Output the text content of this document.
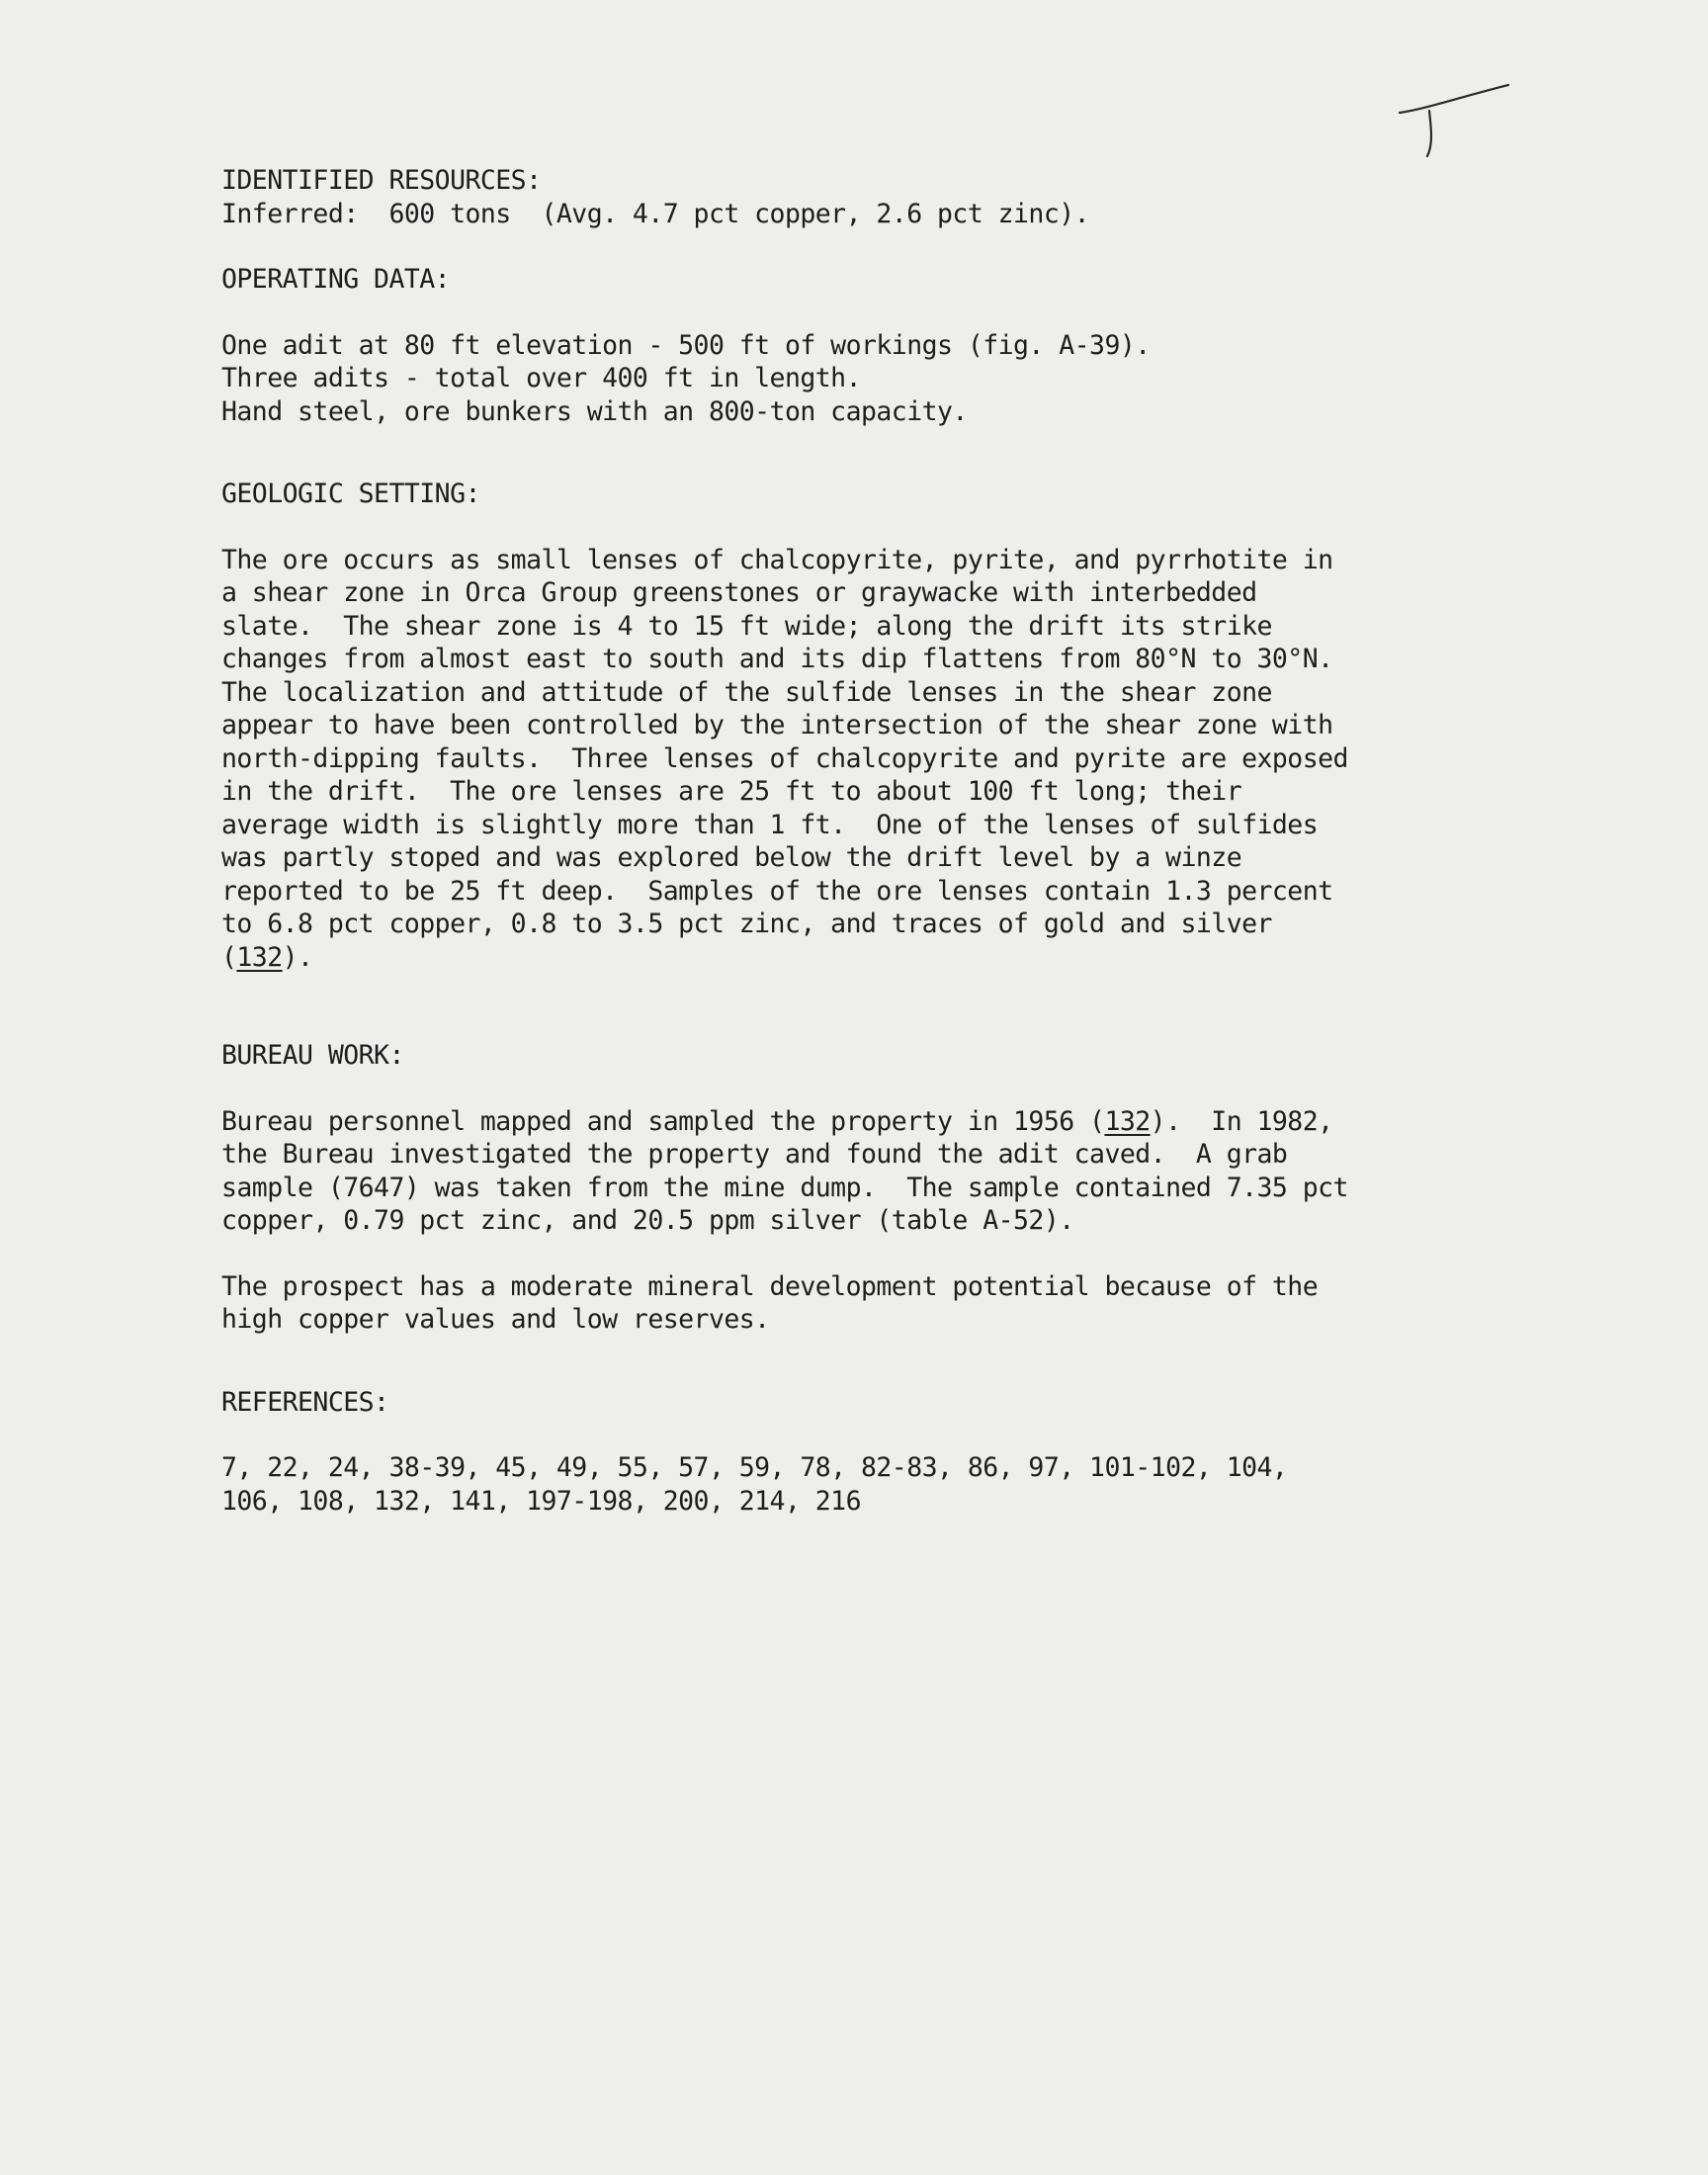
IDENTIFIED RESOURCES:
Inferred:  600 tons  (Avg. 4.7 pct copper, 2.6 pct zinc).
OPERATING DATA:
One adit at 80 ft elevation - 500 ft of workings (fig. A-39).
Three adits - total over 400 ft in length.
Hand steel, ore bunkers with an 800-ton capacity.
GEOLOGIC SETTING:
The ore occurs as small lenses of chalcopyrite, pyrite, and pyrrhotite in
a shear zone in Orca Group greenstones or graywacke with interbedded
slate.  The shear zone is 4 to 15 ft wide; along the drift its strike
changes from almost east to south and its dip flattens from 80°N to 30°N.
The localization and attitude of the sulfide lenses in the shear zone
appear to have been controlled by the intersection of the shear zone with
north-dipping faults.  Three lenses of chalcopyrite and pyrite are exposed
in the drift.  The ore lenses are 25 ft to about 100 ft long; their
average width is slightly more than 1 ft.  One of the lenses of sulfides
was partly stoped and was explored below the drift level by a winze
reported to be 25 ft deep.  Samples of the ore lenses contain 1.3 percent
to 6.8 pct copper, 0.8 to 3.5 pct zinc, and traces of gold and silver
(132).
BUREAU WORK:
Bureau personnel mapped and sampled the property in 1956 (132).  In 1982,
the Bureau investigated the property and found the adit caved.  A grab
sample (7647) was taken from the mine dump.  The sample contained 7.35 pct
copper, 0.79 pct zinc, and 20.5 ppm silver (table A-52).
The prospect has a moderate mineral development potential because of the
high copper values and low reserves.
REFERENCES:
7, 22, 24, 38-39, 45, 49, 55, 57, 59, 78, 82-83, 86, 97, 101-102, 104,
106, 108, 132, 141, 197-198, 200, 214, 216
